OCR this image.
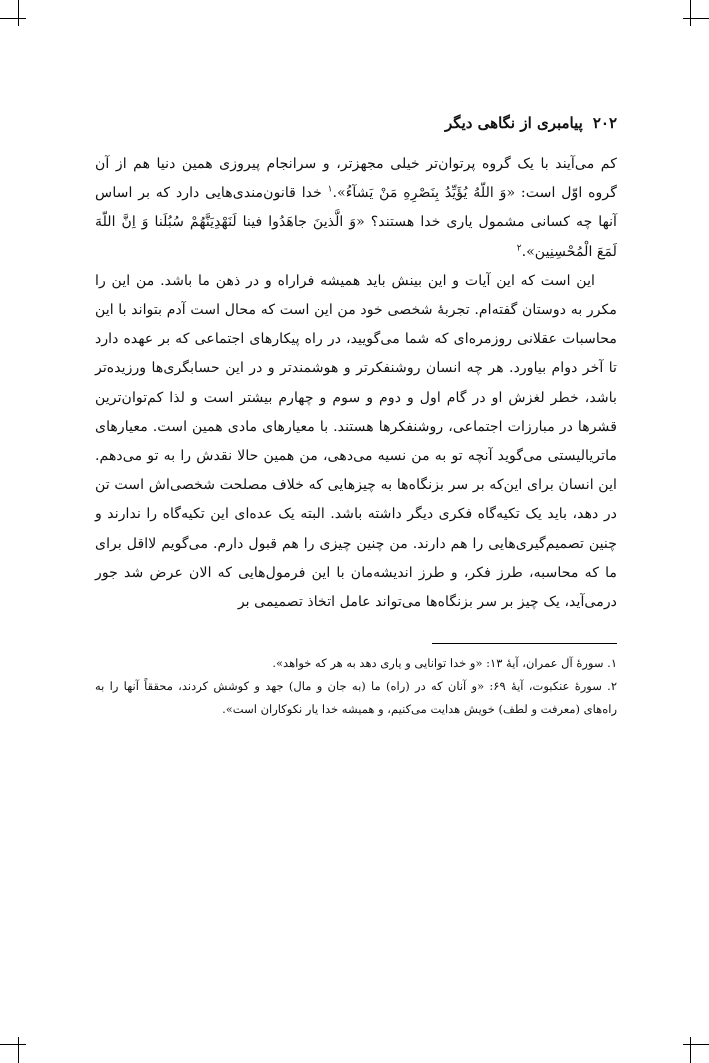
۲۰۲
پیامبری از نگاهی دیگر

کم می‌آیند با یک گروه پرتوان‌تر خیلی مجهزتر، و سرانجام پیروزی همین دنیا هم از آن گروه اوّل است: «وَ اللّهُ یُؤَیِّدُ بِنَصْرِهِ مَنْ یَشآءُ».$^۱$ خدا قانون‌مندی‌هایی دارد که بر اساس آنها چه کسانی مشمول یاری خدا هستند؟ «وَ الَّذینَ جاهَدُوا فینا لَنَهْدِیَنَّهُمْ سُبُلَنا وَ اِنَّ اللّهَ لَمَعَ الْمُحْسِنِین».$^۲$

این است که این آیات و این بینش باید همیشه فراراه و در ذهن ما باشد. من این را مکرر به دوستان گفته‌ام. تجربهٔ شخصی خود من این است که محال است آدم بتواند با این محاسبات عقلانی روزمره‌ای که شما می‌گویید، در راه پیکارهای اجتماعی که بر عهده دارد تا آخر دوام بیاورد. هر چه انسان روشنفکرتر و هوشمندتر و در این حسابگری‌ها ورزیده‌تر باشد، خطر لغزش او در گام اول و دوم و سوم و چهارم بیشتر است و لذا کم‌توان‌ترین قشرها در مبارزات اجتماعی، روشنفکرها هستند. با معیارهای مادی همین است. معیارهای ماتریالیستی می‌گوید آنچه تو به من نسیه می‌دهی، من همین حالا نقدش را به تو می‌دهم. این انسان برای این‌که بر سر بزنگاه‌ها به چیزهایی که خلاف مصلحت شخصی‌اش است تن در دهد، باید یک تکیه‌گاه فکری دیگر داشته باشد. البته یک عده‌ای این تکیه‌گاه را ندارند و چنین تصمیم‌گیری‌هایی را هم دارند. من چنین چیزی را هم قبول دارم. می‌گویم لااقل برای ما که محاسبه، طرز فکر، و طرز اندیشه‌مان با این فرمول‌هایی که الان عرض شد جور درمی‌آید، یک چیز بر سر بزنگاه‌ها می‌تواند عامل اتخاذ تصمیمی بر

۱. سورهٔ آل عمران، آیهٔ ۱۳: «و خدا توانایی و یاری دهد به هر که خواهد».

۲. سورهٔ عنکبوت، آیهٔ ۶۹: «و آنان که در (راه) ما (به جان و مال) جهد و کوشش کردند، محققاً آنها را به راه‌های (معرفت و لطف) خویش هدایت می‌کنیم، و همیشه خدا یار نکوکاران است».
